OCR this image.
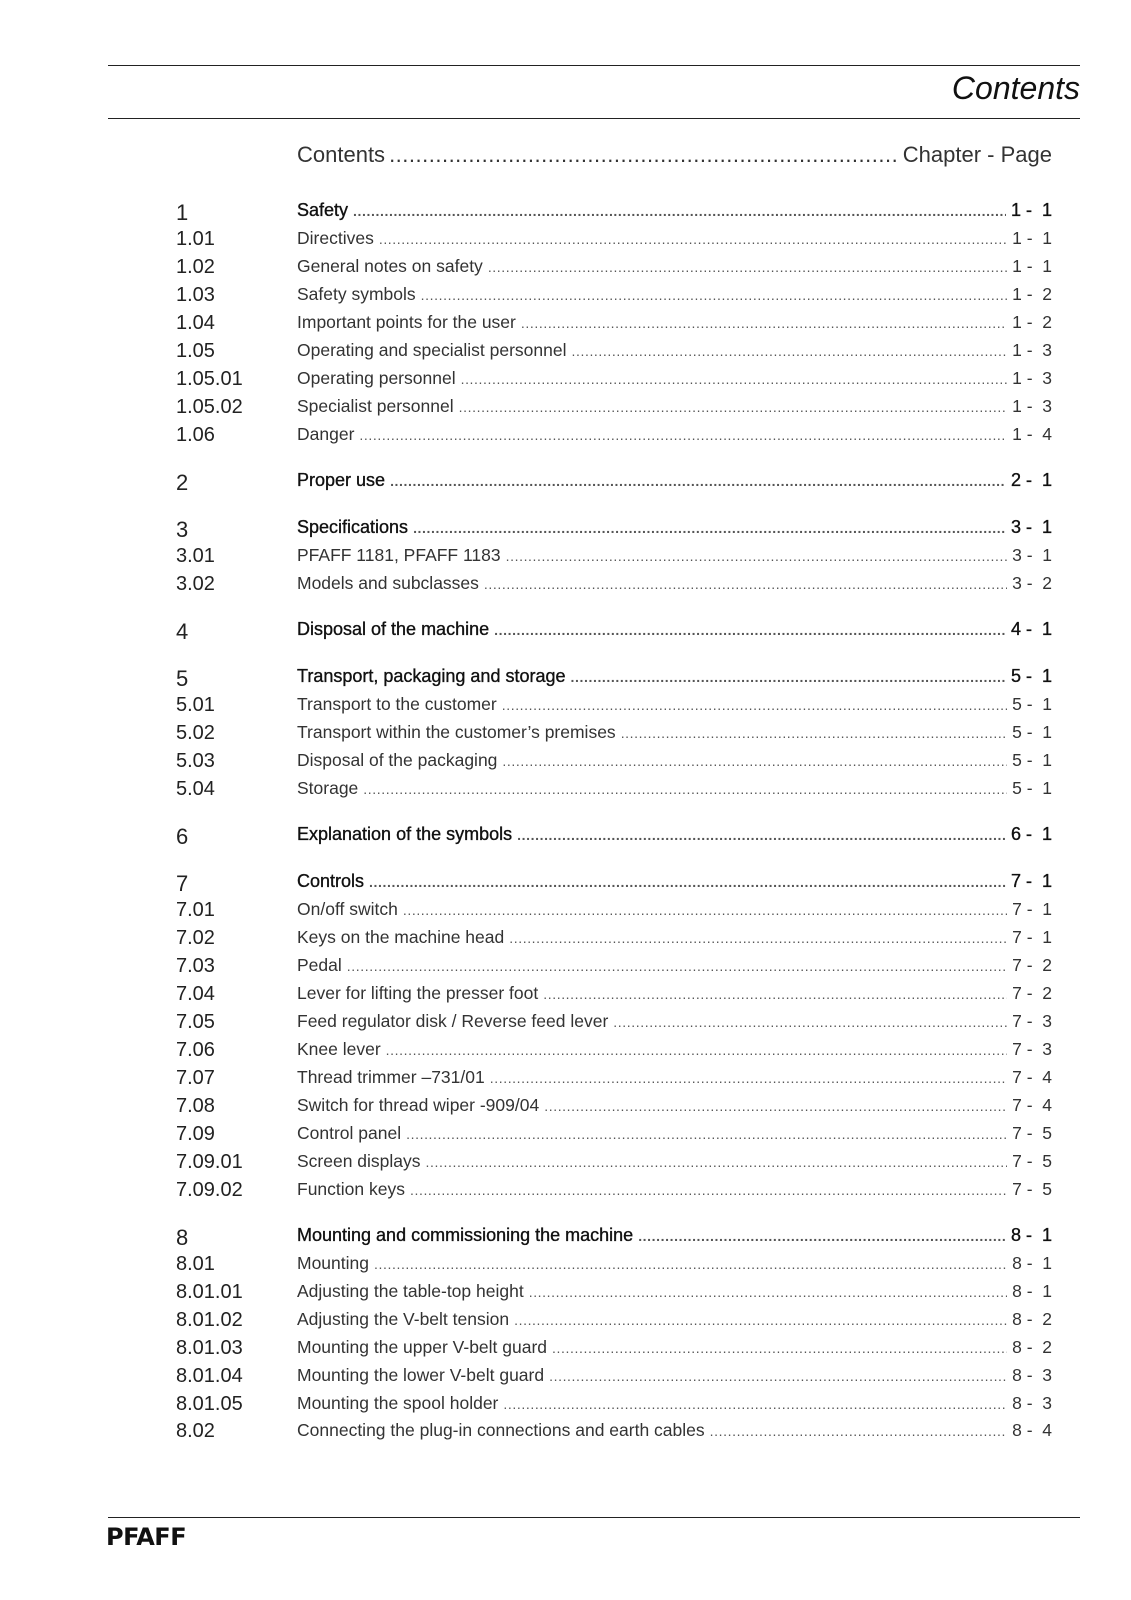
Contents
Contents .....	Chapter - Page
1	Safety .....	1 -  1
1.01	Directives .....	1 -  1
1.02	General notes on safety .....	1 -  1
1.03	Safety symbols .....	1 -  2
1.04	Important points for the user .....	1 -  2
1.05	Operating and specialist personnel .....	1 -  3
1.05.01	Operating personnel .....	1 -  3
1.05.02	Specialist personnel .....	1 -  3
1.06	Danger .....	1 -  4
2	Proper use .....	2 -  1
3	Specifications .....	3 -  1
3.01	PFAFF 1181, PFAFF 1183 .....	3 -  1
3.02	Models and subclasses .....	3 -  2
4	Disposal of the machine .....	4 -  1
5	Transport, packaging and storage .....	5 -  1
5.01	Transport to the customer .....	5 -  1
5.02	Transport within the customer’s premises .....	5 -  1
5.03	Disposal of the packaging .....	5 -  1
5.04	Storage .....	5 -  1
6	Explanation of the symbols .....	6 -  1
7	Controls .....	7 -  1
7.01	On/off switch .....	7 -  1
7.02	Keys on the machine head .....	7 -  1
7.03	Pedal .....	7 -  2
7.04	Lever for lifting the presser foot .....	7 -  2
7.05	Feed regulator disk / Reverse feed lever .....	7 -  3
7.06	Knee lever .....	7 -  3
7.07	Thread trimmer –731/01 .....	7 -  4
7.08	Switch for thread wiper -909/04 .....	7 -  4
7.09	Control panel .....	7 -  5
7.09.01	Screen displays .....	7 -  5
7.09.02	Function keys .....	7 -  5
8	Mounting and commissioning the machine .....	8 -  1
8.01	Mounting .....	8 -  1
8.01.01	Adjusting the table-top height .....	8 -  1
8.01.02	Adjusting the V-belt tension .....	8 -  2
8.01.03	Mounting the upper V-belt guard .....	8 -  2
8.01.04	Mounting the lower V-belt guard .....	8 -  3
8.01.05	Mounting the spool holder .....	8 -  3
8.02	Connecting the plug-in connections and earth cables .....	8 -  4
PFAFF
